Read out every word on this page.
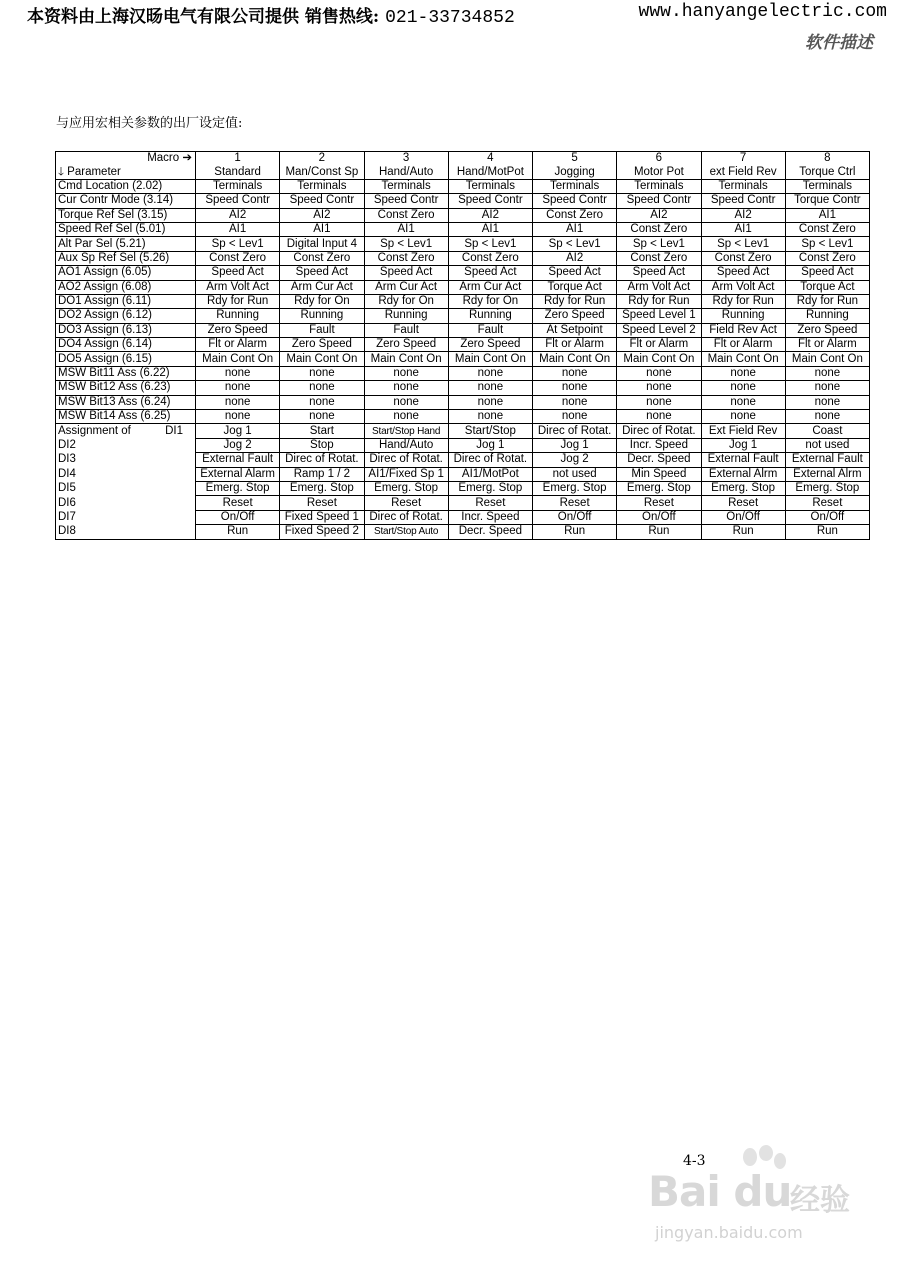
本资料由上海汉旸电气有限公司提供 销售热线: 021-33734852	www.hanyangelectric.com
软件描述
与应用宏相关参数的出厂设定值:
Macro ➔	1	2	3	4	5	6	7	8
🡓 Parameter	Standard	Man/Const Sp	Hand/Auto	Hand/MotPot	Jogging	Motor Pot	ext Field Rev	Torque Ctrl
Cmd Location (2.02)	Terminals	Terminals	Terminals	Terminals	Terminals	Terminals	Terminals	Terminals
Cur Contr Mode (3.14)	Speed Contr	Speed Contr	Speed Contr	Speed Contr	Speed Contr	Speed Contr	Speed Contr	Torque Contr
Torque Ref Sel (3.15)	AI2	AI2	Const Zero	AI2	Const Zero	AI2	AI2	AI1
Speed Ref Sel (5.01)	AI1	AI1	AI1	AI1	AI1	Const Zero	AI1	Const Zero
Alt Par Sel (5.21)	Sp < Lev1	Digital Input 4	Sp < Lev1	Sp < Lev1	Sp < Lev1	Sp < Lev1	Sp < Lev1	Sp < Lev1
Aux Sp Ref Sel (5.26)	Const Zero	Const Zero	Const Zero	Const Zero	AI2	Const Zero	Const Zero	Const Zero
AO1 Assign (6.05)	Speed Act	Speed Act	Speed Act	Speed Act	Speed Act	Speed Act	Speed Act	Speed Act
AO2 Assign (6.08)	Arm Volt Act	Arm Cur Act	Arm Cur Act	Arm Cur Act	Torque Act	Arm Volt Act	Arm Volt Act	Torque Act
DO1 Assign (6.11)	Rdy for Run	Rdy for On	Rdy for On	Rdy for On	Rdy for Run	Rdy for Run	Rdy for Run	Rdy for Run
DO2 Assign (6.12)	Running	Running	Running	Running	Zero Speed	Speed Level 1	Running	Running
DO3 Assign (6.13)	Zero Speed	Fault	Fault	Fault	At Setpoint	Speed Level 2	Field Rev Act	Zero Speed
DO4 Assign (6.14)	Flt or Alarm	Zero Speed	Zero Speed	Zero Speed	Flt or Alarm	Flt or Alarm	Flt or Alarm	Flt or Alarm
DO5 Assign (6.15)	Main Cont On	Main Cont On	Main Cont On	Main Cont On	Main Cont On	Main Cont On	Main Cont On	Main Cont On
MSW Bit11 Ass (6.22)	none	none	none	none	none	none	none	none
MSW Bit12 Ass (6.23)	none	none	none	none	none	none	none	none
MSW Bit13 Ass (6.24)	none	none	none	none	none	none	none	none
MSW Bit14 Ass (6.25)	none	none	none	none	none	none	none	none

Assignment of DI1	Jog 1	Start	Start/Stop Hand	Start/Stop	Direc of Rotat.	Direc of Rotat.	Ext Field Rev	Coast
DI2	Jog 2	Stop	Hand/Auto	Jog 1	Jog 1	Incr. Speed	Jog 1	not used
DI3	External Fault	Direc of Rotat.	Direc of Rotat.	Direc of Rotat.	Jog 2	Decr. Speed	External Fault	External Fault
DI4	External Alarm	Ramp 1 / 2	AI1/Fixed Sp 1	AI1/MotPot	not used	Min Speed	External Alrm	External Alrm
DI5	Emerg. Stop	Emerg. Stop	Emerg. Stop	Emerg. Stop	Emerg. Stop	Emerg. Stop	Emerg. Stop	Emerg. Stop
DI6	Reset	Reset	Reset	Reset	Reset	Reset	Reset	Reset
DI7	On/Off	Fixed Speed 1	Direc of Rotat.	Incr. Speed	On/Off	On/Off	On/Off	On/Off
DI8	Run	Fixed Speed 2	Start/Stop Auto	Decr. Speed	Run	Run	Run	Run
4-3
Bai du
经验
jingyan.baidu.com
